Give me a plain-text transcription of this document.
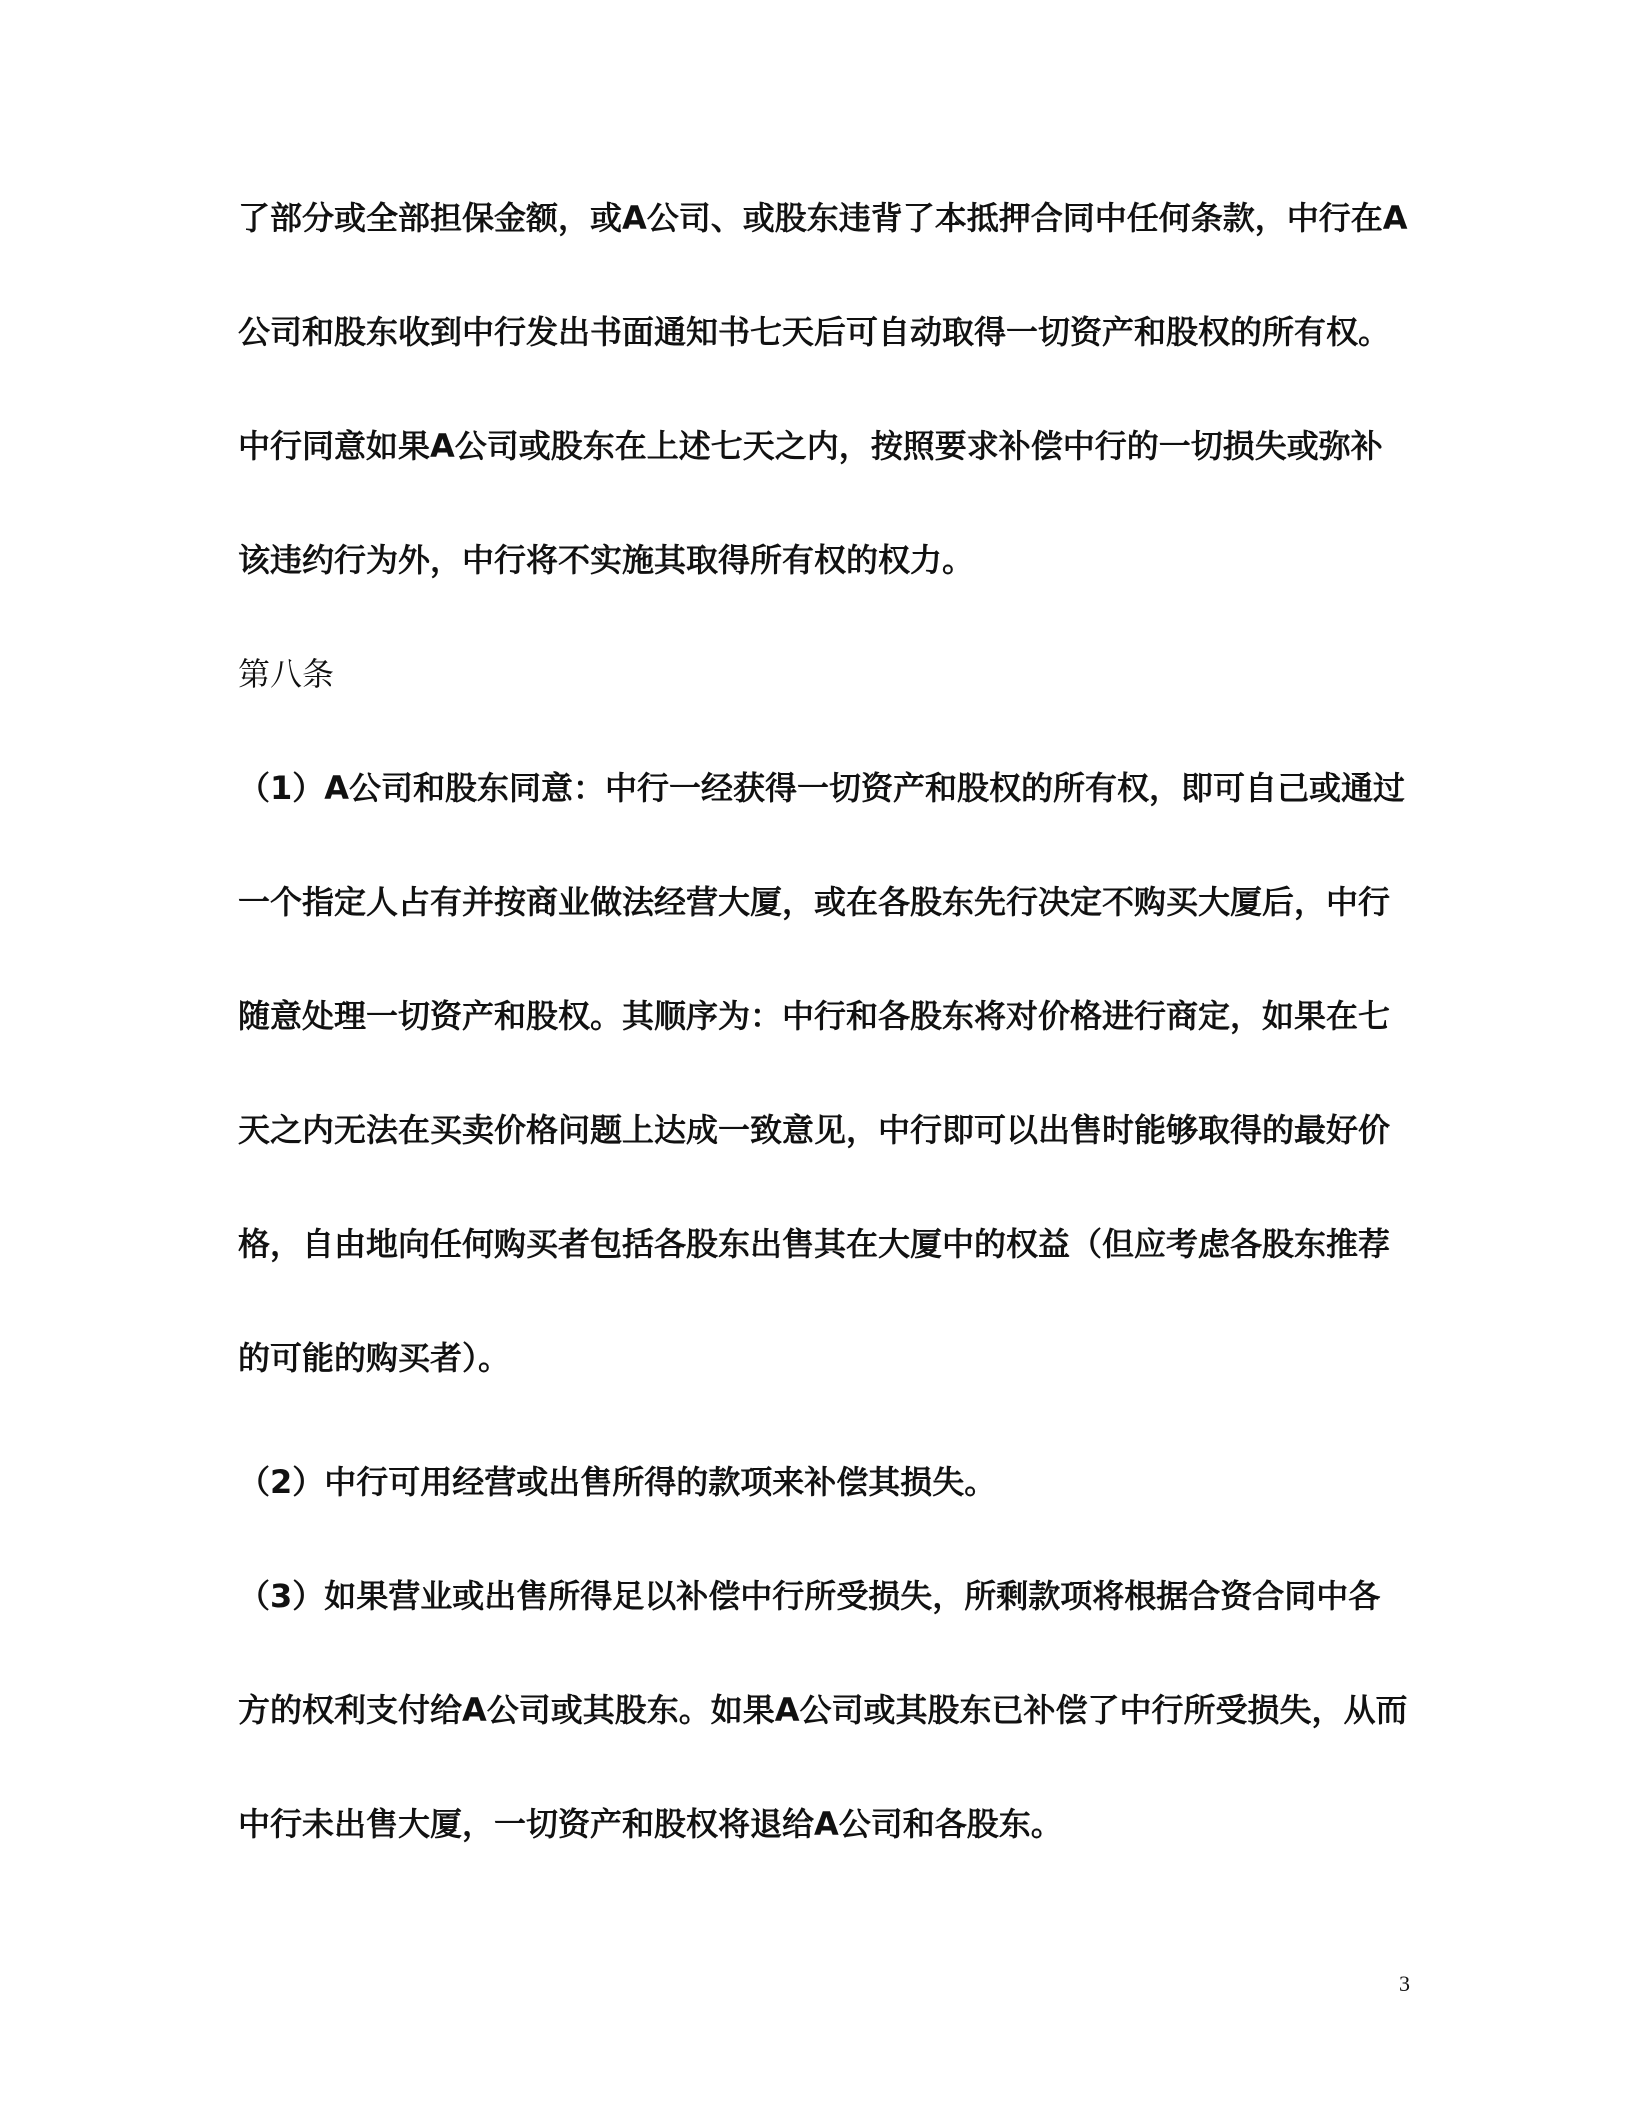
了部分或全部担保金额，或A公司、或股东违背了本抵押合同中任何条款，中行在A
公司和股东收到中行发出书面通知书七天后可自动取得一切资产和股权的所有权。
中行同意如果A公司或股东在上述七天之内，按照要求补偿中行的一切损失或弥补
该违约行为外，中行将不实施其取得所有权的权力。
第八条
（1）A公司和股东同意：中行一经获得一切资产和股权的所有权，即可自己或通过
一个指定人占有并按商业做法经营大厦，或在各股东先行决定不购买大厦后，中行
随意处理一切资产和股权。其顺序为：中行和各股东将对价格进行商定，如果在七
天之内无法在买卖价格问题上达成一致意见，中行即可以出售时能够取得的最好价
格，自由地向任何购买者包括各股东出售其在大厦中的权益（但应考虑各股东推荐
的可能的购买者）。
（2）中行可用经营或出售所得的款项来补偿其损失。
（3）如果营业或出售所得足以补偿中行所受损失，所剩款项将根据合资合同中各
方的权利支付给A公司或其股东。如果A公司或其股东已补偿了中行所受损失，从而
中行未出售大厦，一切资产和股权将退给A公司和各股东。
3
